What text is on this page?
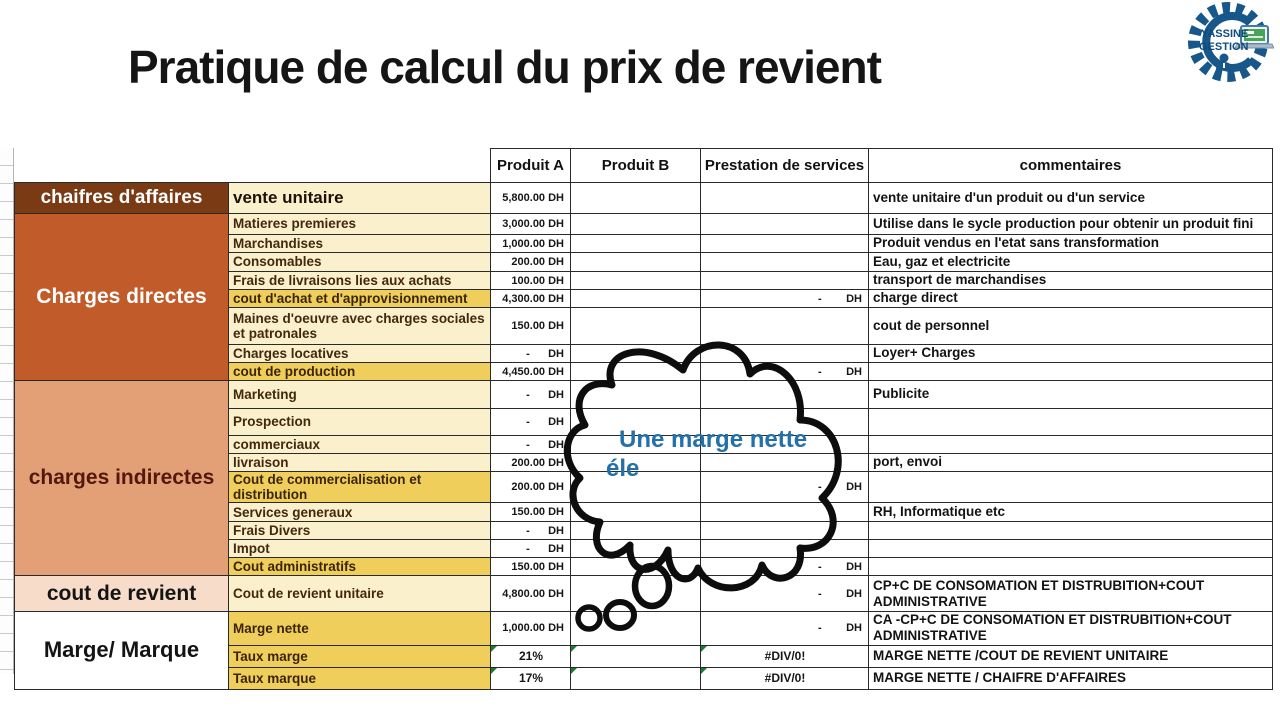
Pratique de calcul du prix de revient
YASSINE
GESTION
		Produit A	Produit B	Prestation de services	commentaires
chaifres d'affaires	vente unitaire	5,800.00 DH			vente unitaire d'un produit ou d'un service
Charges directes	Matieres premieres	3,000.00 DH			Utilise dans le sycle production pour obtenir un produit fini
	Marchandises	1,000.00 DH			Produit vendus en l'etat sans transformation
	Consomables	200.00 DH			Eau, gaz et electricite
	Frais de livraisons lies aux achats	100.00 DH			transport de marchandises
	cout d'achat et d'approvisionnement	4,300.00 DH		-        DH	charge direct
	Maines d'oeuvre avec charges sociales et patronales	150.00 DH			cout de personnel
	Charges locatives	-      DH			Loyer+ Charges
	cout de production	4,450.00 DH		-        DH	
charges indirectes	Marketing	-      DH			Publicite
	Prospection	-      DH			
	commerciaux	-      DH			
	livraison	200.00 DH			port, envoi
	Cout de commercialisation et distribution	200.00 DH		-        DH	
	Services generaux	150.00 DH			RH, Informatique etc
	Frais Divers	-      DH			
	Impot	-      DH			
	Cout administratifs	150.00 DH		-        DH	
cout de revient	Cout de revient unitaire	4,800.00 DH		-        DH	CP+C DE CONSOMATION ET DISTRUBITION+COUT ADMINISTRATIVE
Marge/ Marque	Marge nette	1,000.00 DH		-        DH	CA -CP+C DE CONSOMATION ET DISTRUBITION+COUT ADMINISTRATIVE
	Taux marge	21%		#DIV/0!	MARGE NETTE /COUT DE REVIENT UNITAIRE
	Taux marque	17%		#DIV/0!	MARGE NETTE / CHAIFRE D'AFFAIRES
Une marge nette
éle
